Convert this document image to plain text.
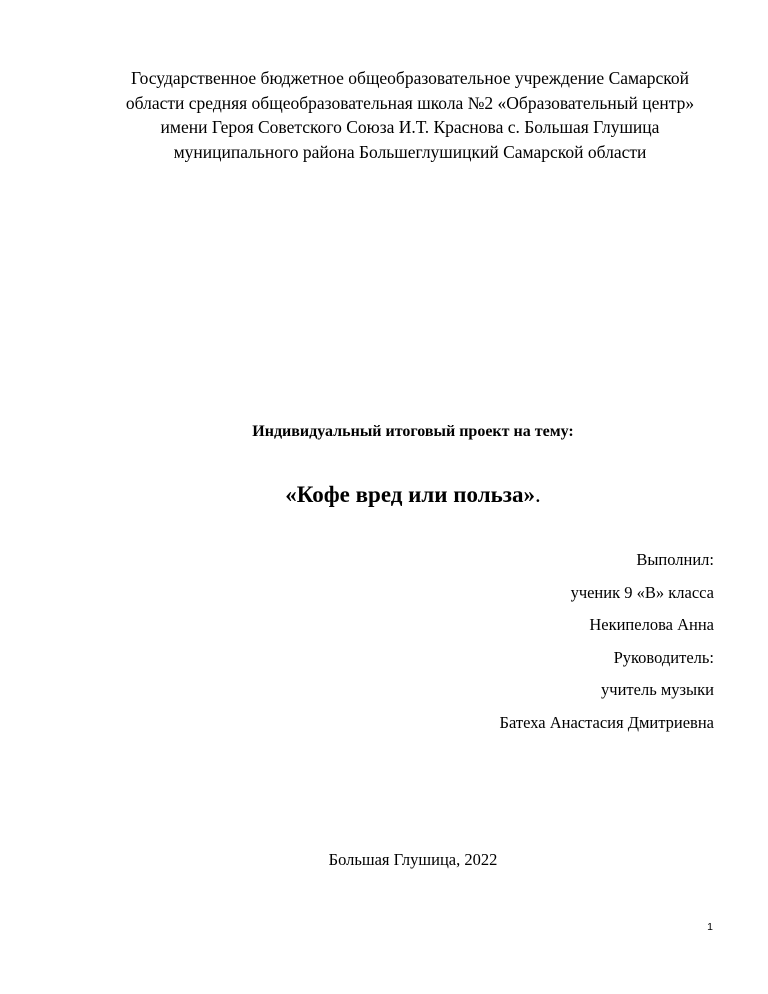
Государственное бюджетное общеобразовательное учреждение Самарской
области средняя общеобразовательная школа №2 «Образовательный центр»
имени Героя Советского Союза И.Т. Краснова с. Большая Глушица
муниципального района Большеглушицкий Самарской области
Индивидуальный итоговый проект на тему:
«Кофе вред или польза».
Выполнил:
ученик 9 «В» класса
Некипелова Анна
Руководитель:
учитель музыки
Батеха Анастасия Дмитриевна
Большая Глушица, 2022
1
